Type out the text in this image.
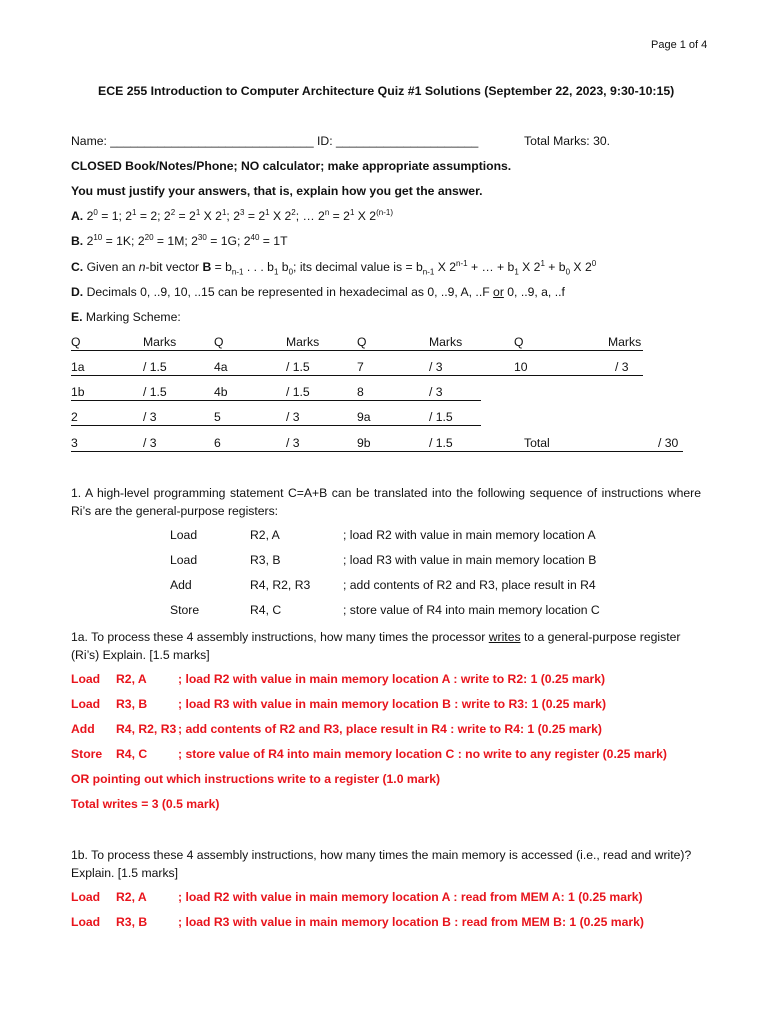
Page 1 of 4
ECE 255 Introduction to Computer Architecture Quiz #1 Solutions (September 22, 2023, 9:30-10:15)
Name: ______________________________ ID: _____________________	Total Marks: 30.
CLOSED Book/Notes/Phone; NO calculator; make appropriate assumptions.
You must justify your answers, that is, explain how you get the answer.
A. $2^0 = 1$; $2^1 = 2$; $2^2 = 2^1$ X $2^1$; $2^3 = 2^1$ X $2^2$; … $2^n = 2^1$ X 2$^{(n-1)}$
B. $2^{10} = 1K$; $2^{20} = 1M$; $2^{30} = 1G$; $2^{40} = 1T$
C. Given an n-bit vector $B = b_{n-1}$ . . . $b_1$ $b_0$; its decimal value is = $b_{n-1}$ X $2^{n-1}$ + … + $b_1$ X $2^1 + b_0$ X $2^0$
D. Decimals 0, ..9, 10, ..15 can be represented in hexadecimal as 0, ..9, A, ..F or 0, ..9, a, ..f
E. Marking Scheme:
Q	Marks	Q	Marks	Q	Marks	Q	Marks
1a	/ 1.5	4a	/ 1.5	7	/ 3	10	/ 3
1b	/ 1.5	4b	/ 1.5	8	/ 3
2	/ 3	5	/ 3	9a	/ 1.5
3	/ 3	6	/ 3	9b	/ 1.5	Total	/ 30
1. A high-level programming statement C=A+B can be translated into the following sequence of instructions where Ri’s are the general-purpose registers:
Load	R2, A	; load R2 with value in main memory location A
Load	R3, B	; load R3 with value in main memory location B
Add	R4, R2, R3	; add contents of R2 and R3, place result in R4
Store	R4, C	; store value of R4 into main memory location C
1a. To process these 4 assembly instructions, how many times the processor writes to a general-purpose register (Ri’s) Explain. [1.5 marks]
Load R2, A	; load R2 with value in main memory location A : write to R2: 1 (0.25 mark)
Load R3, B	; load R3 with value in main memory location B : write to R3: 1 (0.25 mark)
Add R4, R2, R3 ; add contents of R2 and R3, place result in R4 : write to R4: 1 (0.25 mark)
Store R4, C	; store value of R4 into main memory location C : no write to any register (0.25 mark)
OR pointing out which instructions write to a register (1.0 mark)
Total writes = 3 (0.5 mark)
1b. To process these 4 assembly instructions, how many times the main memory is accessed (i.e., read and write)? Explain. [1.5 marks]
Load R2, A	; load R2 with value in main memory location A : read from MEM A: 1 (0.25 mark)
Load R3, B	; load R3 with value in main memory location B : read from MEM B: 1 (0.25 mark)
